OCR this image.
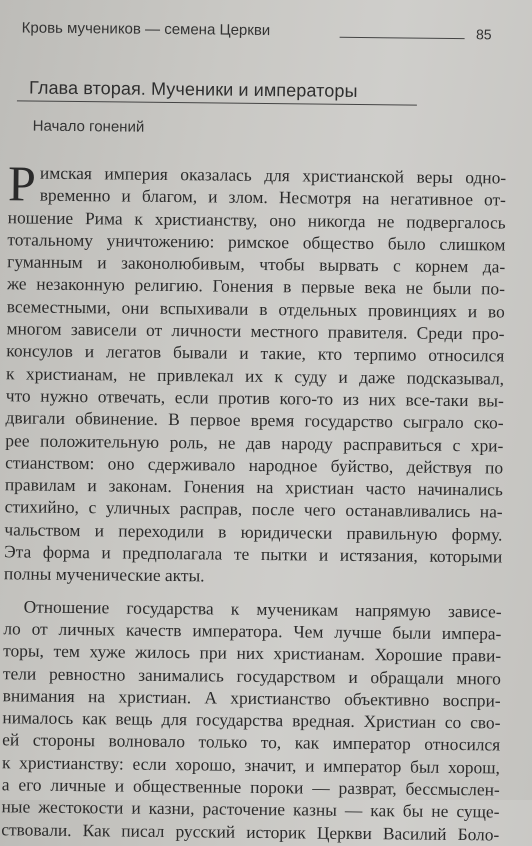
Кровь мучеников — семена Церкви	85
Глава вторая. Мученики и императоры
Начало гонений
Р имская империя оказалась для христианской веры одно-
временно и благом, и злом. Несмотря на негативное от-
ношение Рима к христианству, оно никогда не подвергалось
тотальному уничтожению: римское общество было слишком
гуманным и законолюбивым, чтобы вырвать с корнем да-
же незаконную религию. Гонения в первые века не были по-
всеместными, они вспыхивали в отдельных провинциях и во
многом зависели от личности местного правителя. Среди про-
консулов и легатов бывали и такие, кто терпимо относился
к христианам, не привлекал их к суду и даже подсказывал,
что нужно отвечать, если против кого-то из них все-таки вы-
двигали обвинение. В первое время государство сыграло ско-
рее положительную роль, не дав народу расправиться с хри-
стианством: оно сдерживало народное буйство, действуя по
правилам и законам. Гонения на христиан часто начинались
стихийно, с уличных расправ, после чего останавливались на-
чальством и переходили в юридически правильную форму.
Эта форма и предполагала те пытки и истязания, которыми
полны мученические акты.
Отношение государства к мученикам напрямую зависе-
ло от личных качеств императора. Чем лучше были импера-
торы, тем хуже жилось при них христианам. Хорошие прави-
тели ревностно занимались государством и обращали много
внимания на христиан. А христианство объективно воспри-
нималось как вещь для государства вредная. Христиан со сво-
ей стороны волновало только то, как император относился
к христианству: если хорошо, значит, и император был хорош,
а его личные и общественные пороки — разврат, бессмыслен-
ные жестокости и казни, расточение казны — как бы не суще-
ствовали. Как писал русский историк Церкви Василий Боло-
